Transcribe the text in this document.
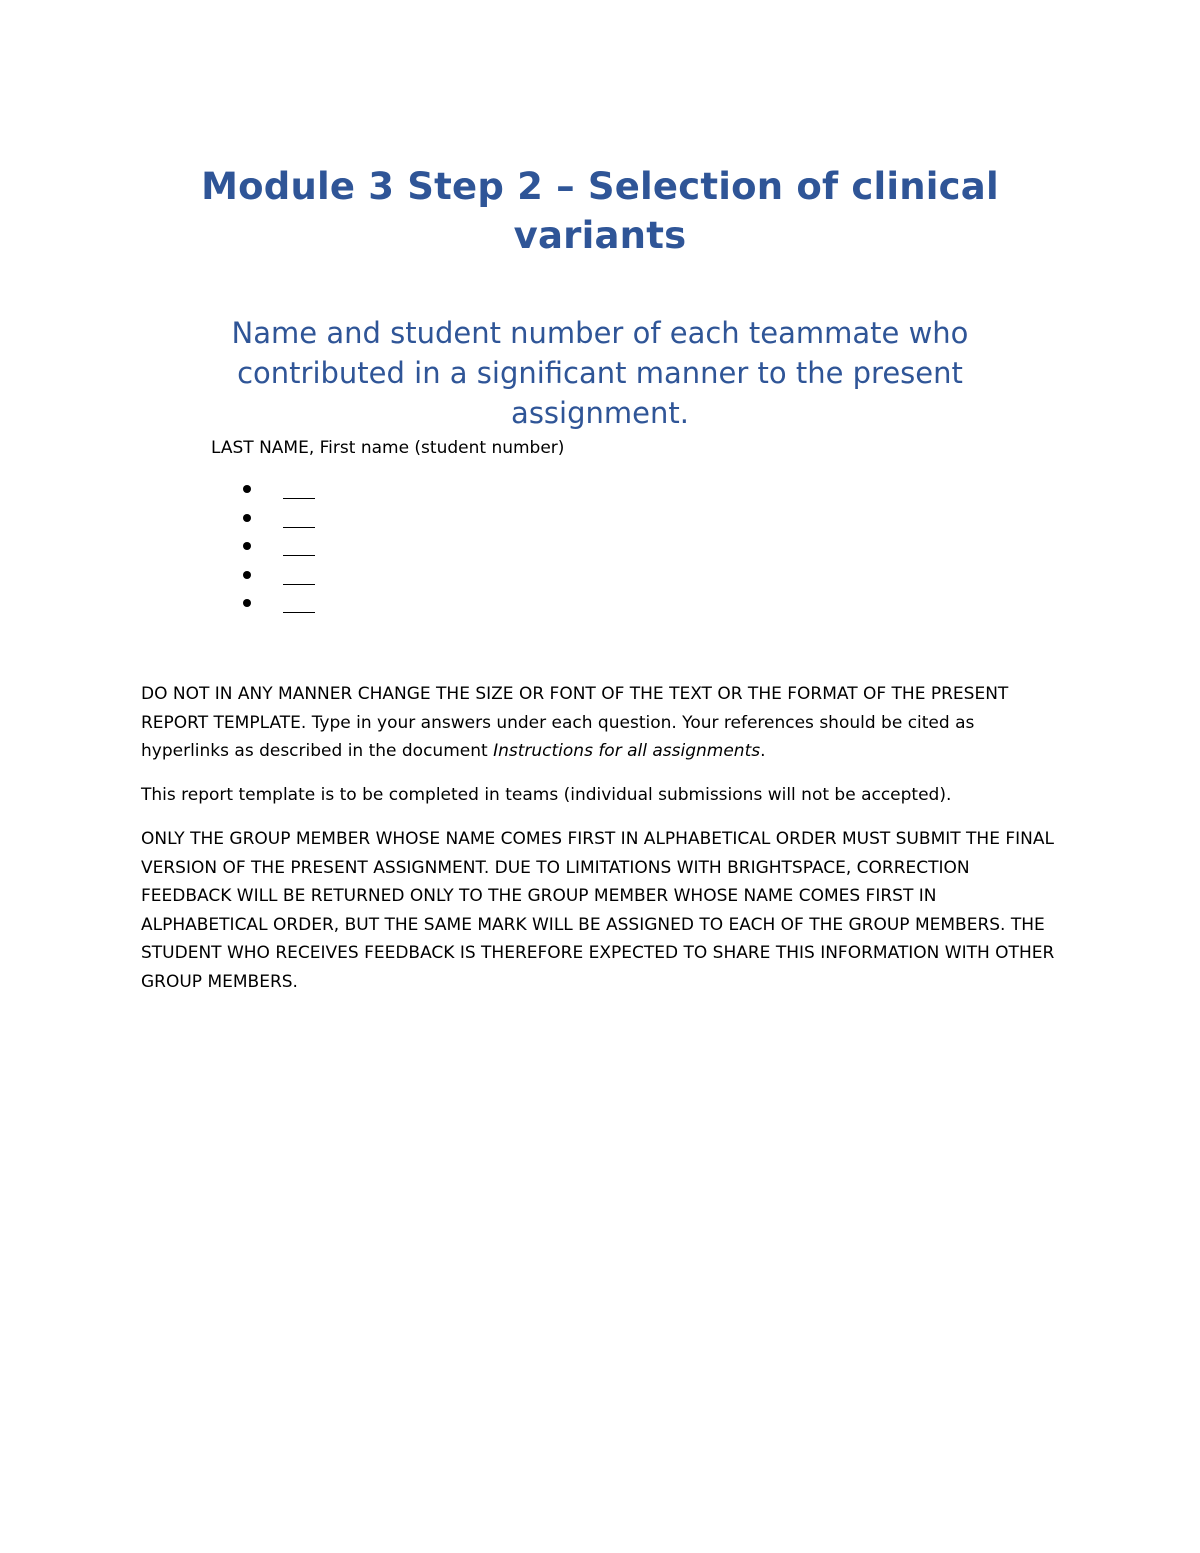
Module 3 Step 2 – Selection of clinical variants
Name and student number of each teammate who contributed in a significant manner to the present assignment.

LAST NAME, First name (student number)

DO NOT IN ANY MANNER CHANGE THE SIZE OR FONT OF THE TEXT OR THE FORMAT OF THE PRESENT REPORT TEMPLATE. Type in your answers under each question. Your references should be cited as hyperlinks as described in the document Instructions for all assignments.

This report template is to be completed in teams (individual submissions will not be accepted).

ONLY THE GROUP MEMBER WHOSE NAME COMES FIRST IN ALPHABETICAL ORDER MUST SUBMIT THE FINAL VERSION OF THE PRESENT ASSIGNMENT. DUE TO LIMITATIONS WITH BRIGHTSPACE, CORRECTION FEEDBACK WILL BE RETURNED ONLY TO THE GROUP MEMBER WHOSE NAME COMES FIRST IN ALPHABETICAL ORDER, BUT THE SAME MARK WILL BE ASSIGNED TO EACH OF THE GROUP MEMBERS. THE STUDENT WHO RECEIVES FEEDBACK IS THEREFORE EXPECTED TO SHARE THIS INFORMATION WITH OTHER GROUP MEMBERS.
